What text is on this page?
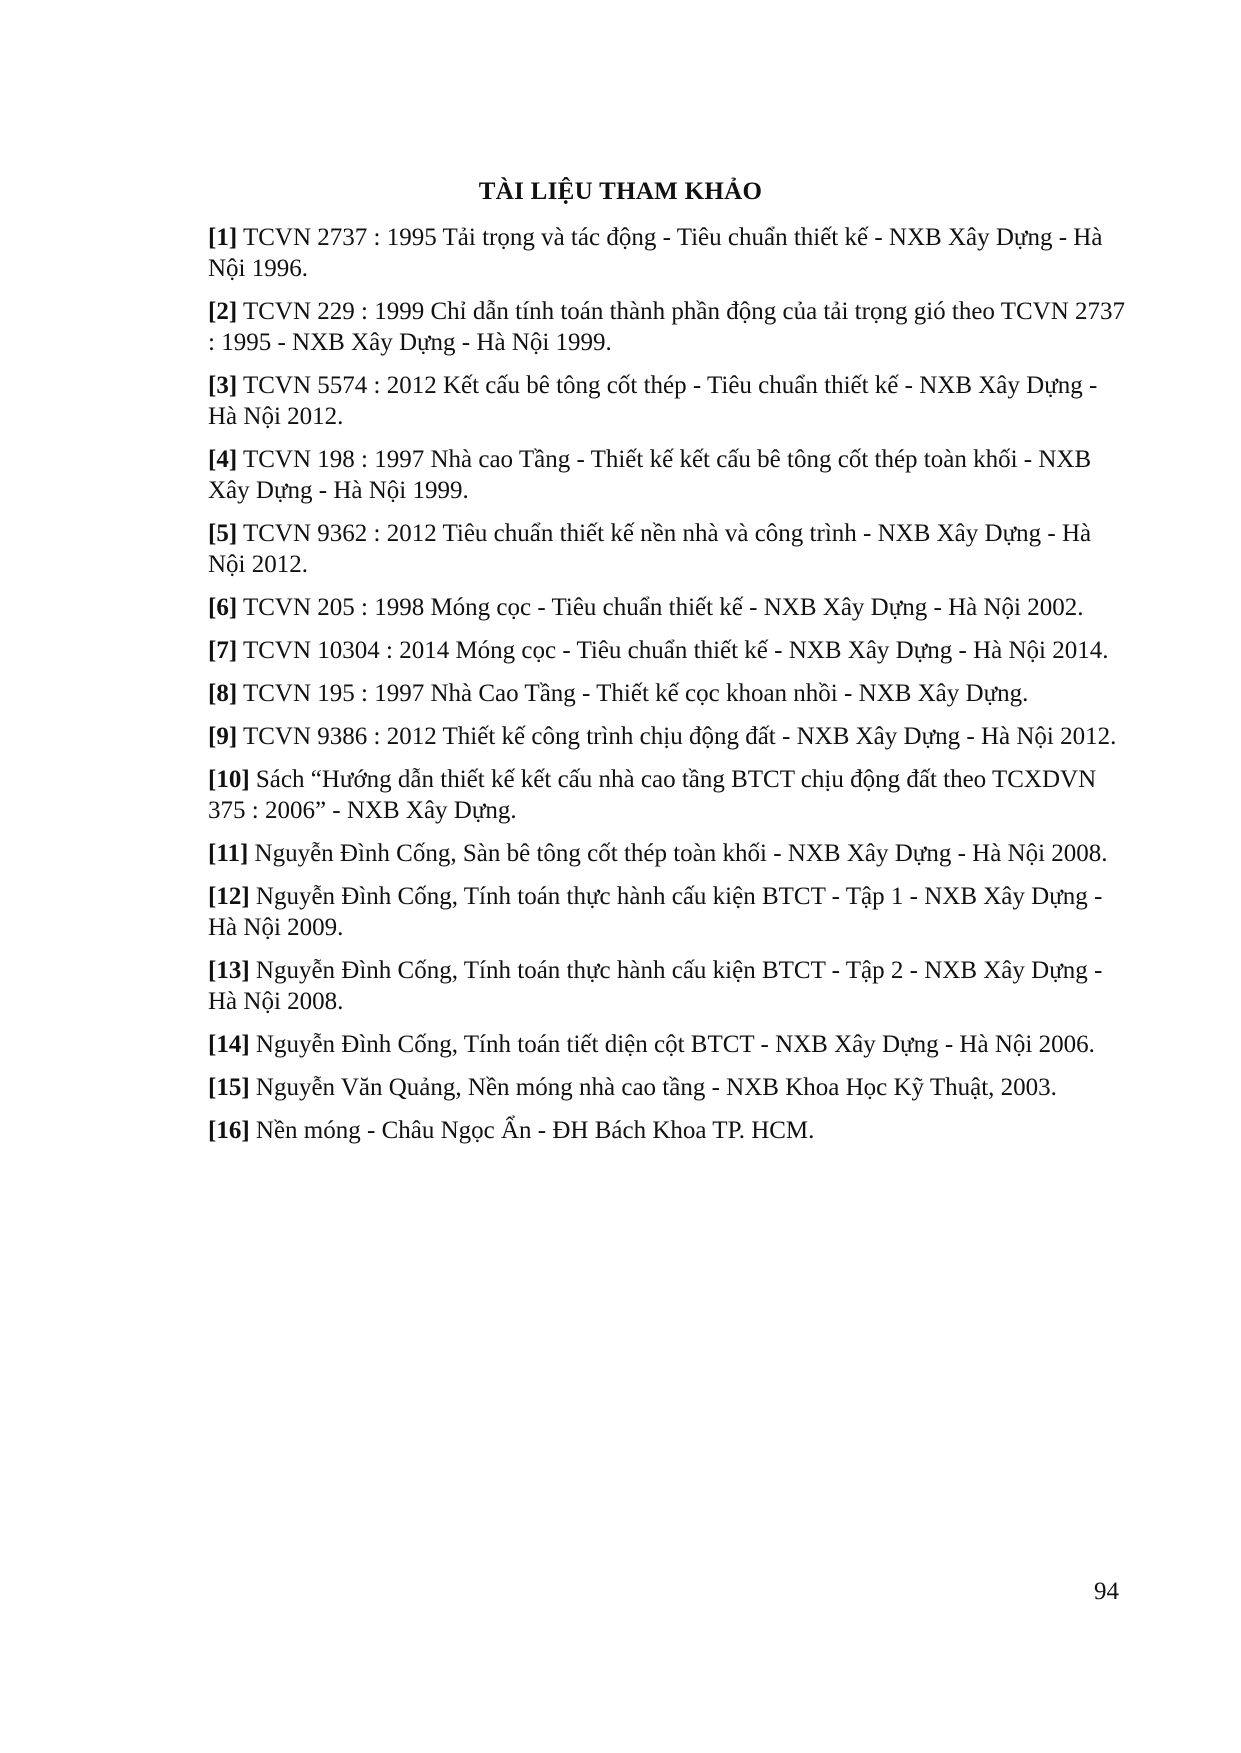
TÀI LIỆU THAM KHẢO
[1] TCVN 2737 : 1995 Tải trọng và tác động - Tiêu chuẩn thiết kế - NXB Xây Dựng - Hà Nội 1996.
[2] TCVN 229 : 1999 Chỉ dẫn tính toán thành phần động của tải trọng gió theo TCVN 2737 : 1995 - NXB Xây Dựng - Hà Nội 1999.
[3] TCVN 5574 : 2012 Kết cấu bê tông cốt thép - Tiêu chuẩn thiết kế - NXB Xây Dựng - Hà Nội 2012.
[4] TCVN 198 : 1997 Nhà cao Tầng - Thiết kế kết cấu bê tông cốt thép toàn khối - NXB Xây Dựng - Hà Nội 1999.
[5] TCVN 9362 : 2012 Tiêu chuẩn thiết kế nền nhà và công trình - NXB Xây Dựng - Hà Nội 2012.
[6] TCVN 205 : 1998 Móng cọc - Tiêu chuẩn thiết kế - NXB Xây Dựng - Hà Nội 2002.
[7] TCVN 10304 : 2014 Móng cọc - Tiêu chuẩn thiết kế - NXB Xây Dựng - Hà Nội 2014.
[8] TCVN 195 : 1997 Nhà Cao Tầng - Thiết kế cọc khoan nhồi - NXB Xây Dựng.
[9] TCVN 9386 : 2012 Thiết kế công trình chịu động đất - NXB Xây Dựng - Hà Nội 2012.
[10] Sách “Hướng dẫn thiết kế kết cấu nhà cao tầng BTCT chịu động đất theo TCXDVN 375 : 2006” - NXB Xây Dựng.
[11] Nguyễn Đình Cống, Sàn bê tông cốt thép toàn khối - NXB Xây Dựng - Hà Nội 2008.
[12] Nguyễn Đình Cống, Tính toán thực hành cấu kiện BTCT - Tập 1 - NXB Xây Dựng - Hà Nội 2009.
[13] Nguyễn Đình Cống, Tính toán thực hành cấu kiện BTCT - Tập 2 - NXB Xây Dựng - Hà Nội 2008.
[14] Nguyễn Đình Cống, Tính toán tiết diện cột BTCT - NXB Xây Dựng - Hà Nội 2006.
[15] Nguyễn Văn Quảng, Nền móng nhà cao tầng - NXB Khoa Học Kỹ Thuật, 2003.
[16] Nền móng - Châu Ngọc Ẩn - ĐH Bách Khoa TP. HCM.
94
